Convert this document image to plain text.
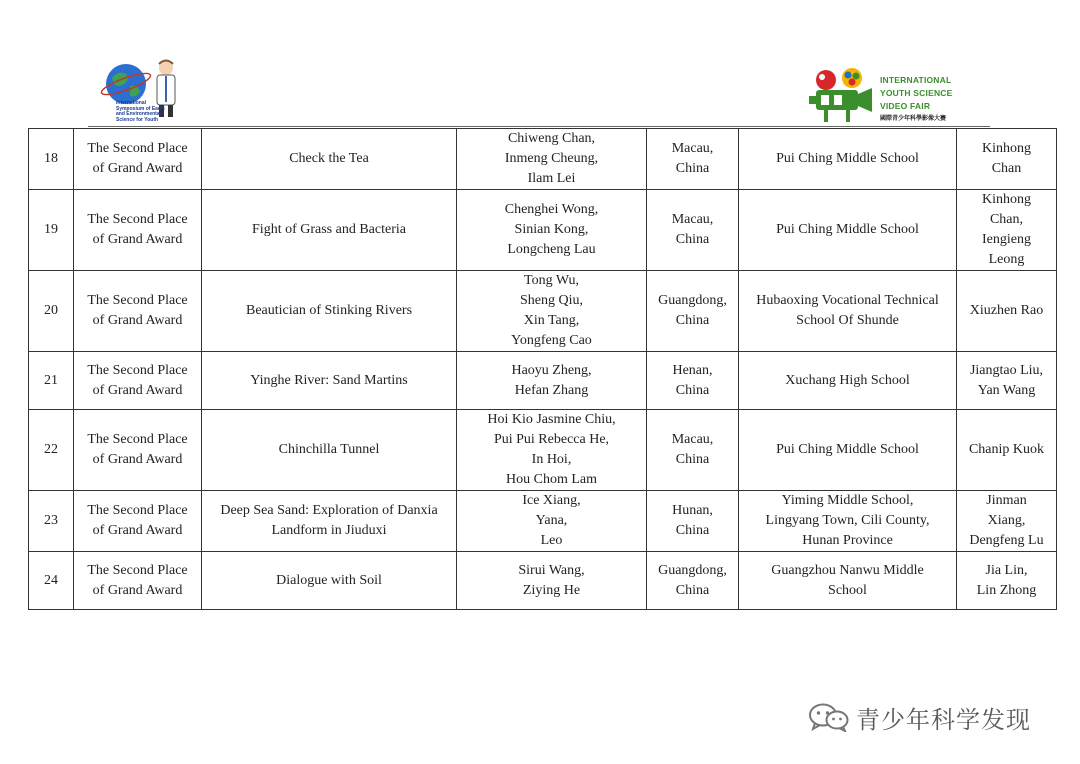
International
Symposium of Earth
and Environmental
Science for Youth
INTERNATIONAL
YOUTH SCIENCE
VIDEO FAIR
國際青少年科學影像大賽
18	The Second Place
of Grand Award	Check the Tea	Chiweng Chan,
Inmeng Cheung,
Ilam Lei	Macau,
China	Pui Ching Middle School	Kinhong
Chan
19	The Second Place
of Grand Award	Fight of Grass and Bacteria	Chenghei Wong,
Sinian Kong,
Longcheng Lau	Macau,
China	Pui Ching Middle School	Kinhong
Chan,
Iengieng
Leong
20	The Second Place
of Grand Award	Beautician of Stinking Rivers	Tong Wu,
Sheng Qiu,
Xin Tang,
Yongfeng Cao	Guangdong,
China	Hubaoxing Vocational Technical
School Of Shunde	Xiuzhen Rao
21	The Second Place
of Grand Award	Yinghe River: Sand Martins	Haoyu Zheng,
Hefan Zhang	Henan,
China	Xuchang High School	Jiangtao Liu,
Yan Wang
22	The Second Place
of Grand Award	Chinchilla Tunnel	Hoi Kio Jasmine Chiu,
Pui Pui Rebecca He,
In Hoi,
Hou Chom Lam	Macau,
China	Pui Ching Middle School	Chanip Kuok
23	The Second Place
of Grand Award	Deep Sea Sand: Exploration of Danxia
Landform in Jiuduxi	Ice Xiang,
Yana,
Leo	Hunan,
China	Yiming Middle School,
Lingyang Town, Cili County,
Hunan Province	Jinman
Xiang,
Dengfeng Lu
24	The Second Place
of Grand Award	Dialogue with Soil	Sirui Wang,
Ziying He	Guangdong,
China	Guangzhou Nanwu Middle
School	Jia Lin,
Lin Zhong
青少年科学发现
